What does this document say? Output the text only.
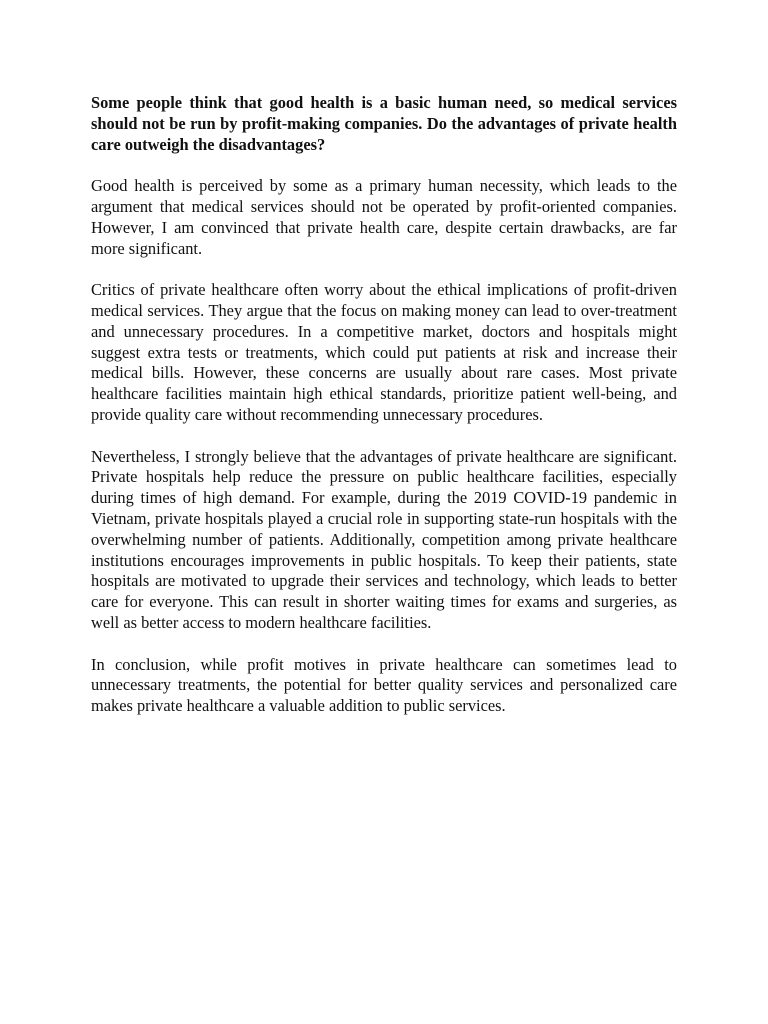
Some people think that good health is a basic human need, so medical services should not be run by profit-making companies. Do the advantages of private health care outweigh the disadvantages?

Good health is perceived by some as a primary human necessity, which leads to the argument that medical services should not be operated by profit-oriented companies. However, I am convinced that private health care, despite certain drawbacks, are far more significant.

Critics of private healthcare often worry about the ethical implications of profit-driven medical services. They argue that the focus on making money can lead to over-treatment and unnecessary procedures. In a competitive market, doctors and hospitals might suggest extra tests or treatments, which could put patients at risk and increase their medical bills. However, these concerns are usually about rare cases. Most private healthcare facilities maintain high ethical standards, prioritize patient well-being, and provide quality care without recommending unnecessary procedures.

Nevertheless, I strongly believe that the advantages of private healthcare are significant. Private hospitals help reduce the pressure on public healthcare facilities, especially during times of high demand. For example, during the 2019 COVID-19 pandemic in Vietnam, private hospitals played a crucial role in supporting state-run hospitals with the overwhelming number of patients. Additionally, competition among private healthcare institutions encourages improvements in public hospitals. To keep their patients, state hospitals are motivated to upgrade their services and technology, which leads to better care for everyone. This can result in shorter waiting times for exams and surgeries, as well as better access to modern healthcare facilities.

In conclusion, while profit motives in private healthcare can sometimes lead to unnecessary treatments, the potential for better quality services and personalized care makes private healthcare a valuable addition to public services.
